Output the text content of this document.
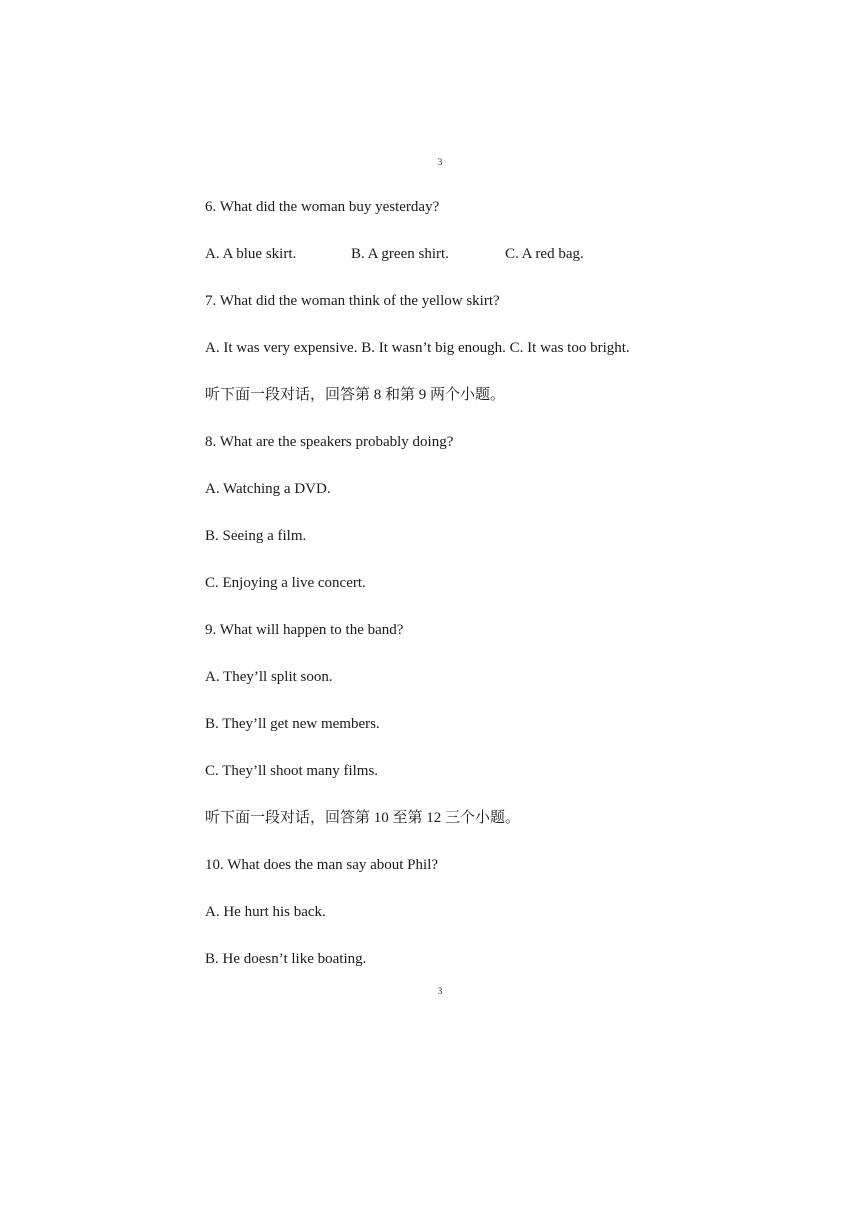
3
6. What did the woman buy yesterday?
A. A blue skirt.	B. A green shirt.	C. A red bag.
7. What did the woman think of the yellow skirt?
A. It was very expensive. B. It wasn’t big enough. C. It was too bright.
听下面一段对话，回答第 8 和第 9 两个小题。
8. What are the speakers probably doing?
A. Watching a DVD.
B. Seeing a film.
C. Enjoying a live concert.
9. What will happen to the band?
A. They’ll split soon.
B. They’ll get new members.
C. They’ll shoot many films.
听下面一段对话，回答第 10 至第 12 三个小题。
10. What does the man say about Phil?
A. He hurt his back.
B. He doesn’t like boating.
3
